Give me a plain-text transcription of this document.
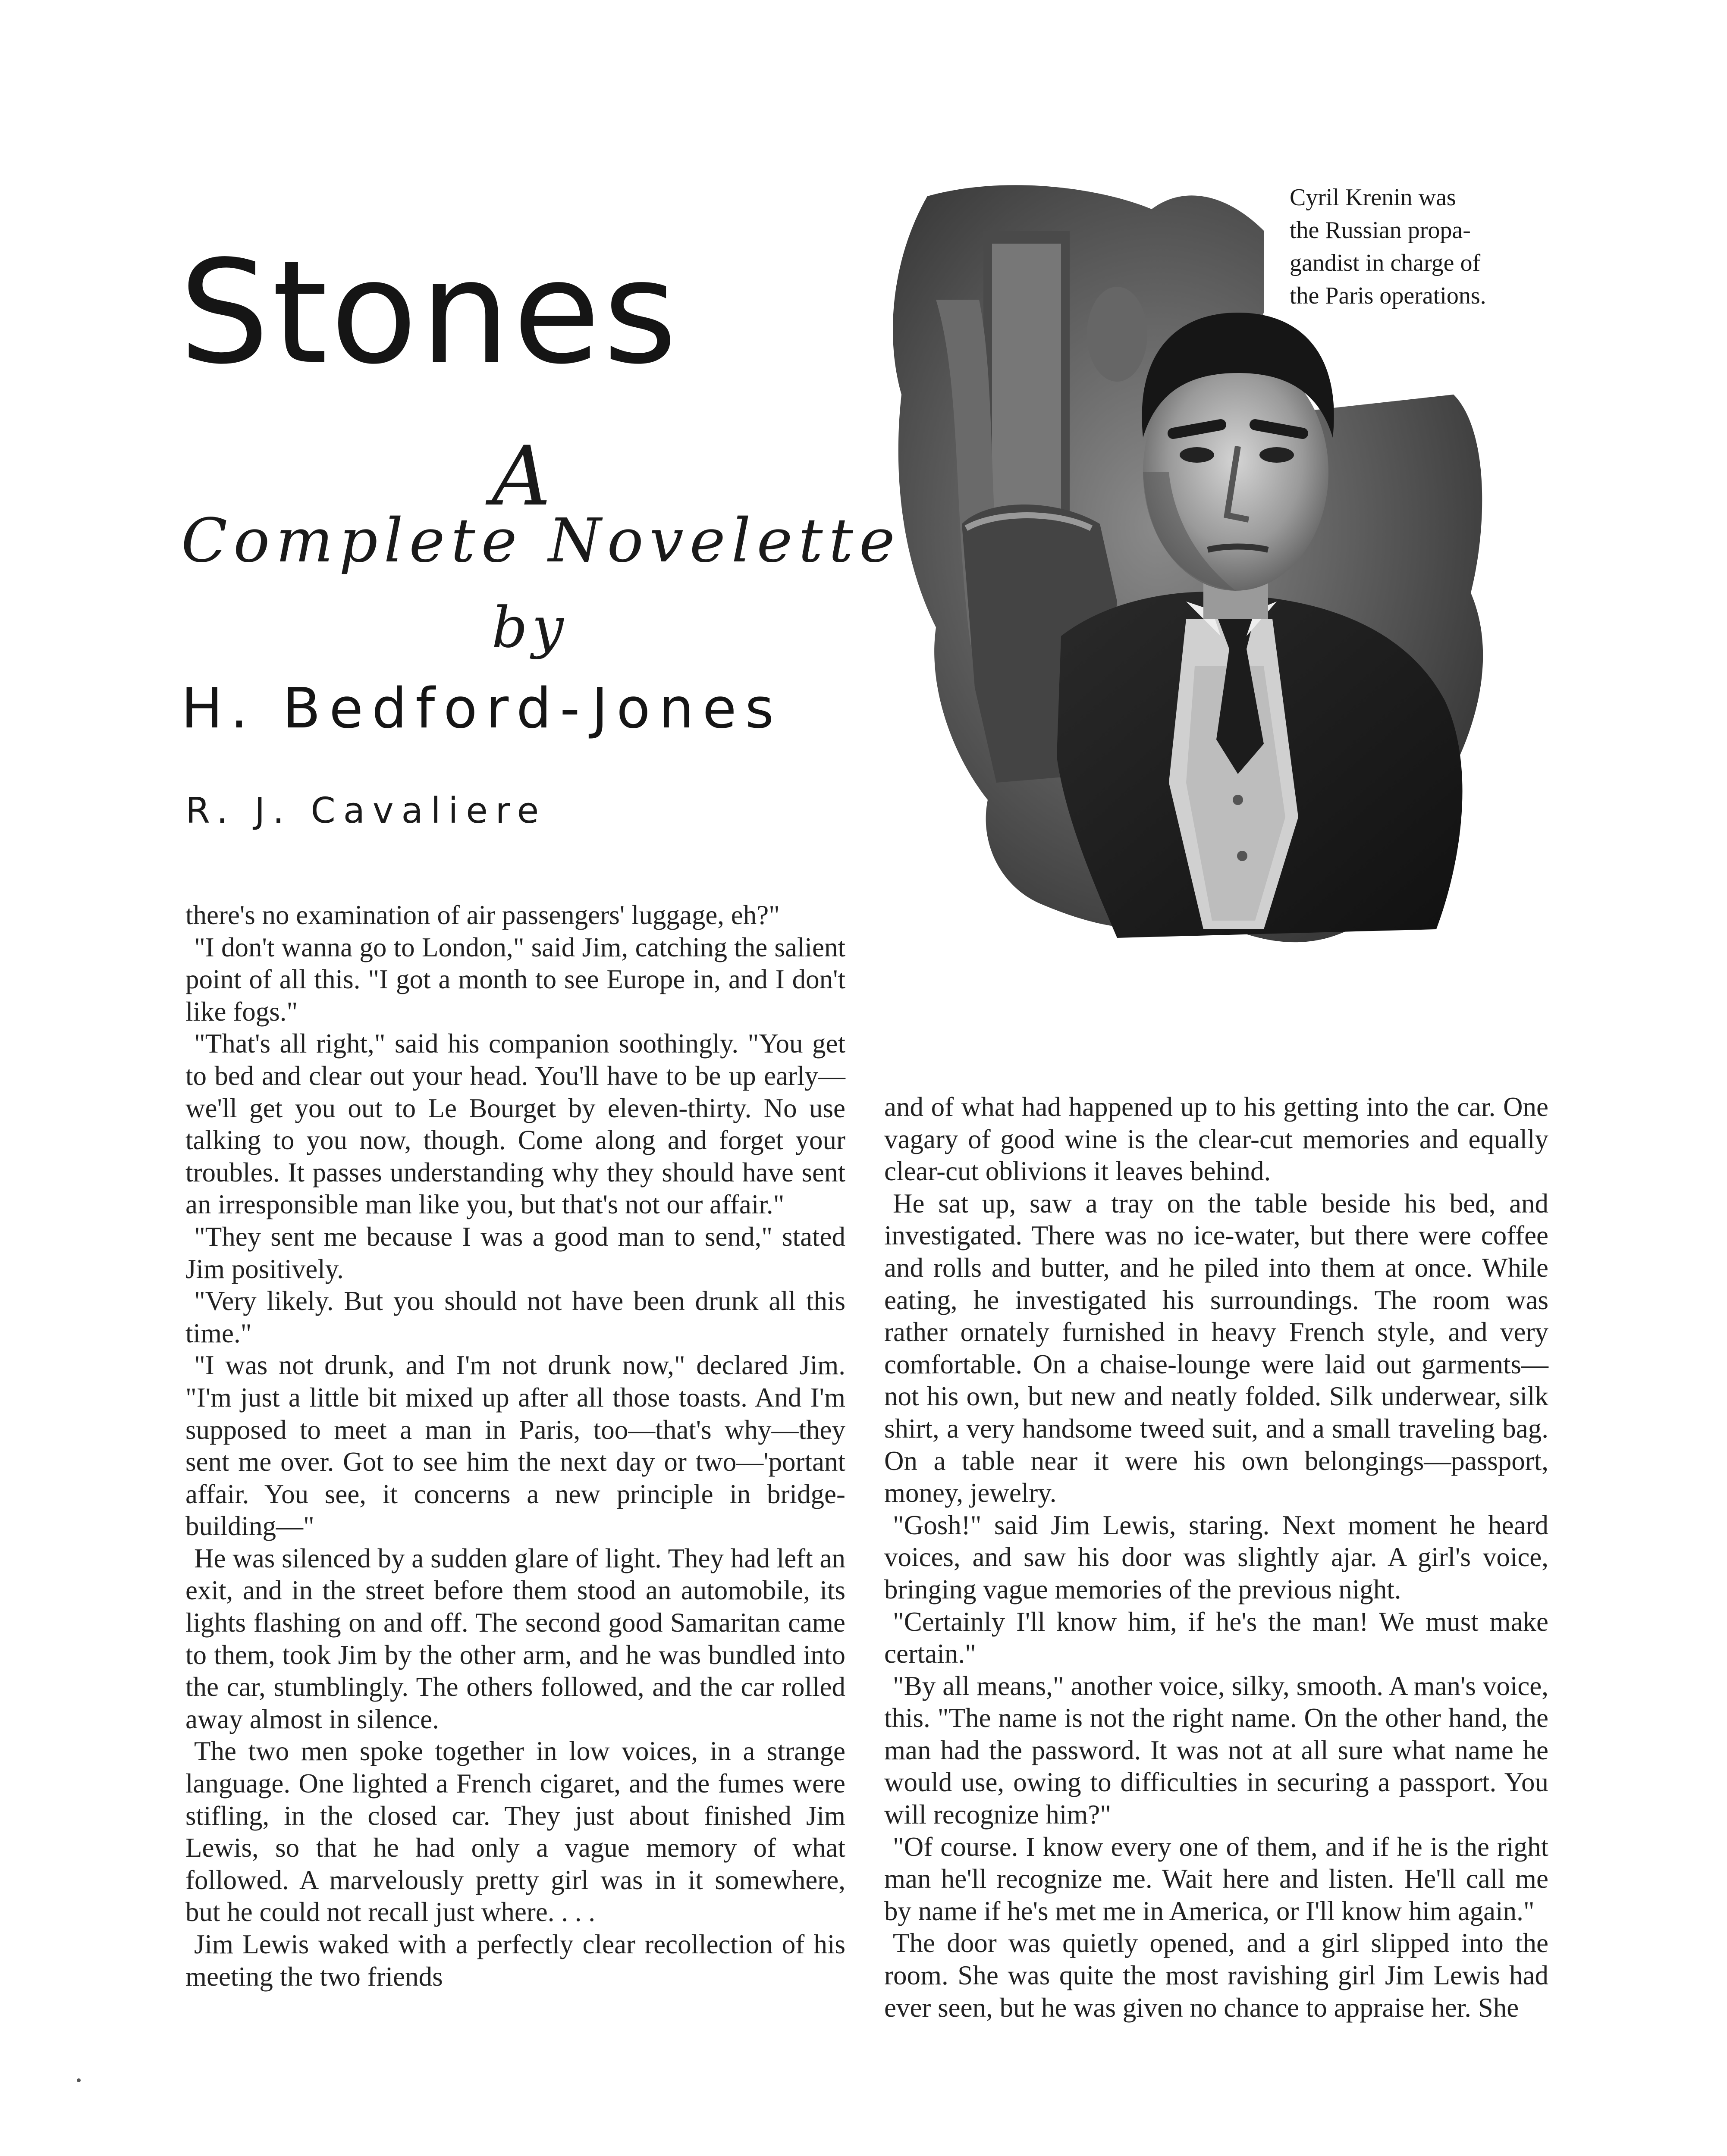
Stones
A
Complete Novelette
by
H. Bedford-Jones
R. J. Cavaliere

Cyril Krenin was
the Russian propa-
gandist in charge of
the Paris operations.

there's no examination of air passengers' luggage, eh?"

"I don't wanna go to London," said Jim, catching the salient point of all this. "I got a month to see Europe in, and I don't like fogs."

"That's all right," said his companion soothingly. "You get to bed and clear out your head. You'll have to be up early—we'll get you out to Le Bourget by eleven-thirty. No use talking to you now, though. Come along and forget your troubles. It passes understanding why they should have sent an irresponsible man like you, but that's not our affair."

"They sent me because I was a good man to send," stated Jim positively.

"Very likely. But you should not have been drunk all this time."

"I was not drunk, and I'm not drunk now," declared Jim. "I'm just a little bit mixed up after all those toasts. And I'm supposed to meet a man in Paris, too—that's why—they sent me over. Got to see him the next day or two—'portant affair. You see, it concerns a new principle in bridge-building—"

He was silenced by a sudden glare of light. They had left an exit, and in the street before them stood an automobile, its lights flashing on and off. The second good Samaritan came to them, took Jim by the other arm, and he was bundled into the car, stumblingly. The others followed, and the car rolled away almost in silence.

The two men spoke together in low voices, in a strange language. One lighted a French cigaret, and the fumes were stifling, in the closed car. They just about finished Jim Lewis, so that he had only a vague memory of what followed. A marvelously pretty girl was in it somewhere, but he could not recall just where. . . .

Jim Lewis waked with a perfectly clear recollection of his meeting the two friends

and of what had happened up to his getting into the car. One vagary of good wine is the clear-cut memories and equally clear-cut oblivions it leaves behind.

He sat up, saw a tray on the table beside his bed, and investigated. There was no ice-water, but there were coffee and rolls and butter, and he piled into them at once. While eating, he investigated his surroundings. The room was rather ornately furnished in heavy French style, and very comfortable. On a chaise-lounge were laid out garments—not his own, but new and neatly folded. Silk underwear, silk shirt, a very handsome tweed suit, and a small traveling bag. On a table near it were his own belongings—passport, money, jewelry.

"Gosh!" said Jim Lewis, staring. Next moment he heard voices, and saw his door was slightly ajar. A girl's voice, bringing vague memories of the previous night.

"Certainly I'll know him, if he's the man! We must make certain."

"By all means," another voice, silky, smooth. A man's voice, this. "The name is not the right name. On the other hand, the man had the password. It was not at all sure what name he would use, owing to difficulties in securing a passport. You will recognize him?"

"Of course. I know every one of them, and if he is the right man he'll recognize me. Wait here and listen. He'll call me by name if he's met me in America, or I'll know him again."

The door was quietly opened, and a girl slipped into the room. She was quite the most ravishing girl Jim Lewis had ever seen, but he was given no chance to appraise her. She
